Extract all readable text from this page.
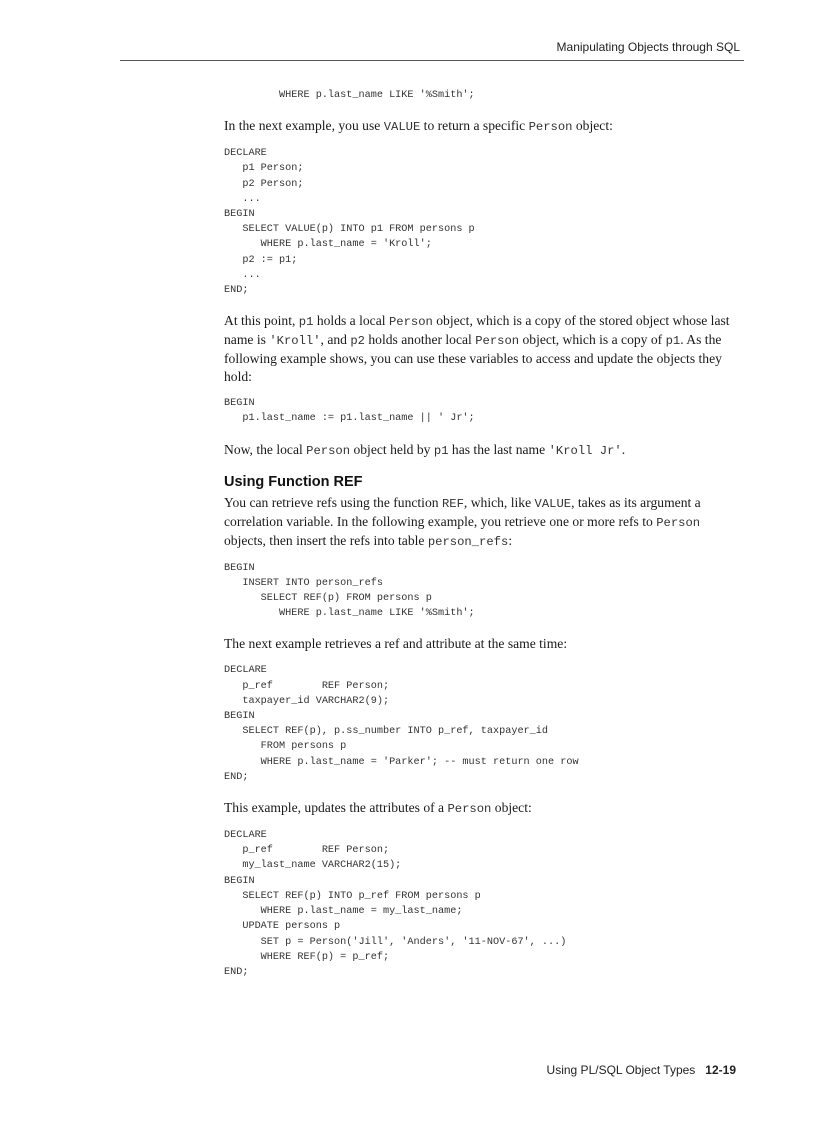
Manipulating Objects through SQL
WHERE p.last_name LIKE '%Smith';

In the next example, you use VALUE to return a specific Person object:

DECLARE
p1 Person;
p2 Person;
...
BEGIN
SELECT VALUE(p) INTO p1 FROM persons p
WHERE p.last_name = 'Kroll';
p2 := p1;
...
END;

At this point, p1 holds a local Person object, which is a copy of the stored object whose last name is 'Kroll', and p2 holds another local Person object, which is a copy of p1. As the following example shows, you can use these variables to access and update the objects they hold:

BEGIN
p1.last_name := p1.last_name || ' Jr';

Now, the local Person object held by p1 has the last name 'Kroll Jr'.

Using Function REF

You can retrieve refs using the function REF, which, like VALUE, takes as its argument a correlation variable. In the following example, you retrieve one or more refs to Person objects, then insert the refs into table person_refs:

BEGIN
INSERT INTO person_refs
SELECT REF(p) FROM persons p
WHERE p.last_name LIKE '%Smith';

The next example retrieves a ref and attribute at the same time:

DECLARE
p_ref        REF Person;
taxpayer_id VARCHAR2(9);
BEGIN
SELECT REF(p), p.ss_number INTO p_ref, taxpayer_id
FROM persons p
WHERE p.last_name = 'Parker'; -- must return one row
END;

This example, updates the attributes of a Person object:

DECLARE
p_ref        REF Person;
my_last_name VARCHAR2(15);
BEGIN
SELECT REF(p) INTO p_ref FROM persons p
WHERE p.last_name = my_last_name;
UPDATE persons p
SET p = Person('Jill', 'Anders', '11-NOV-67', ...)
WHERE REF(p) = p_ref;
END;
Using PL/SQL Object Types 12-19
